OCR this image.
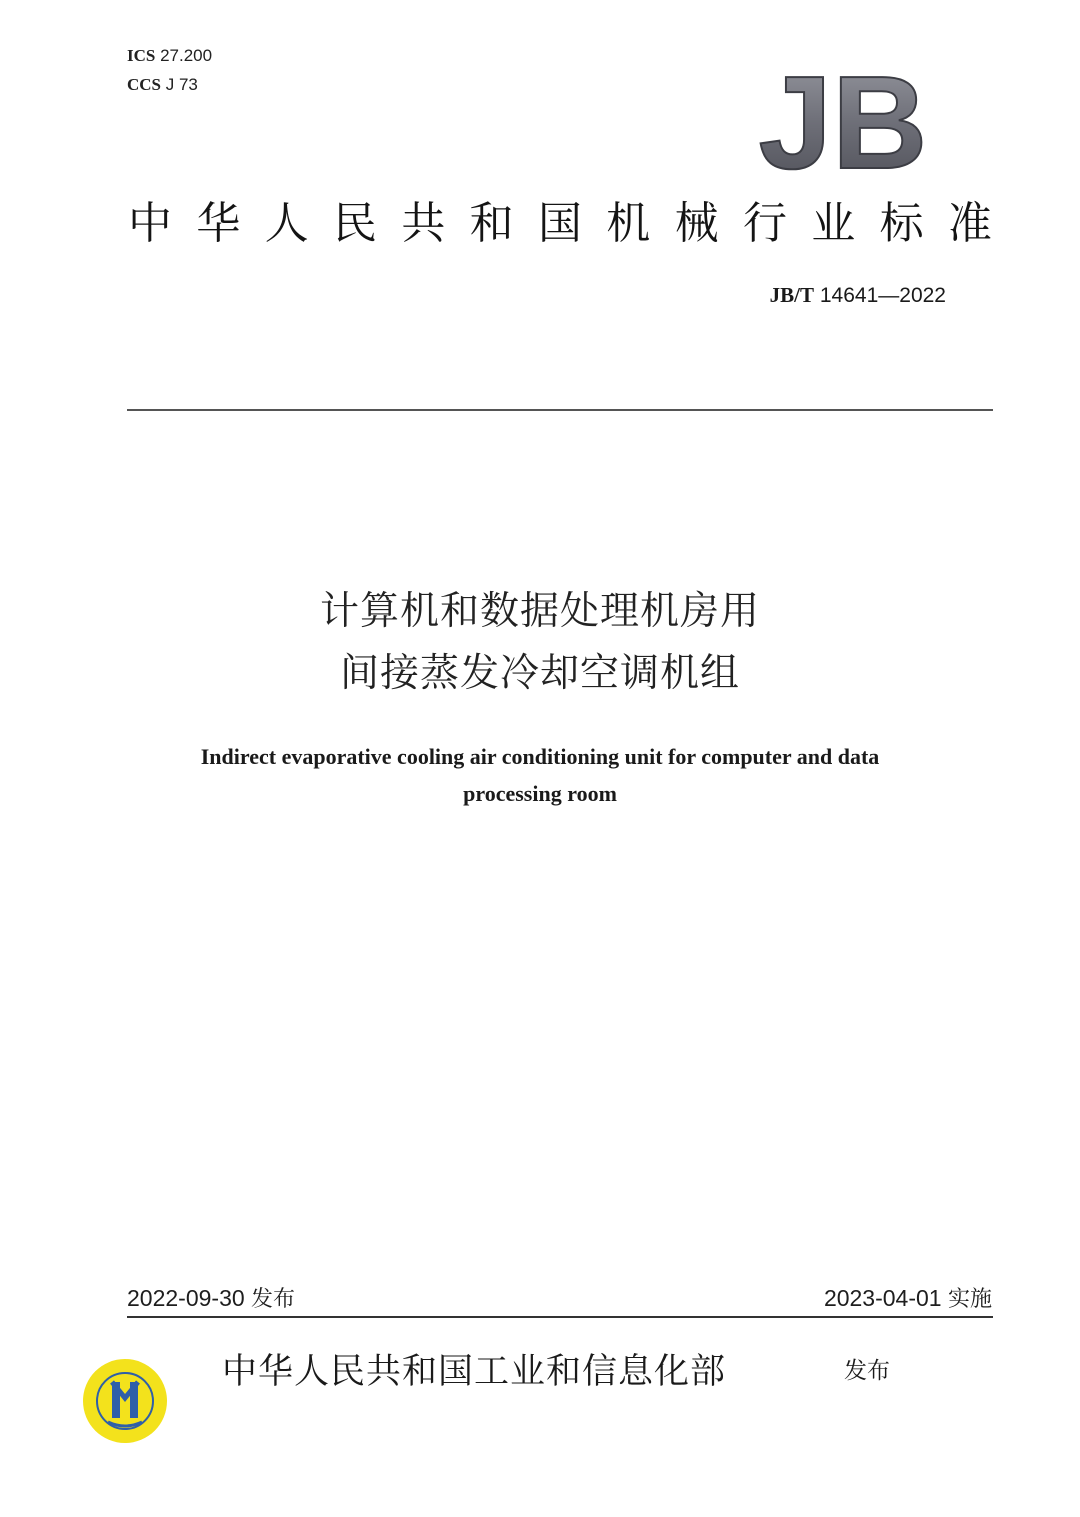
ICS 27.200
CCS J 73	JB
中 华 人 民 共 和 国 机 械 行 业 标 准
JB/T 14641—2022
计算机和数据处理机房用
间接蒸发冷却空调机组
Indirect evaporative cooling air conditioning unit for computer and data
processing room
2022-09-30 发布	2023-04-01 实施
中华人民共和国工业和信息化部	发布
